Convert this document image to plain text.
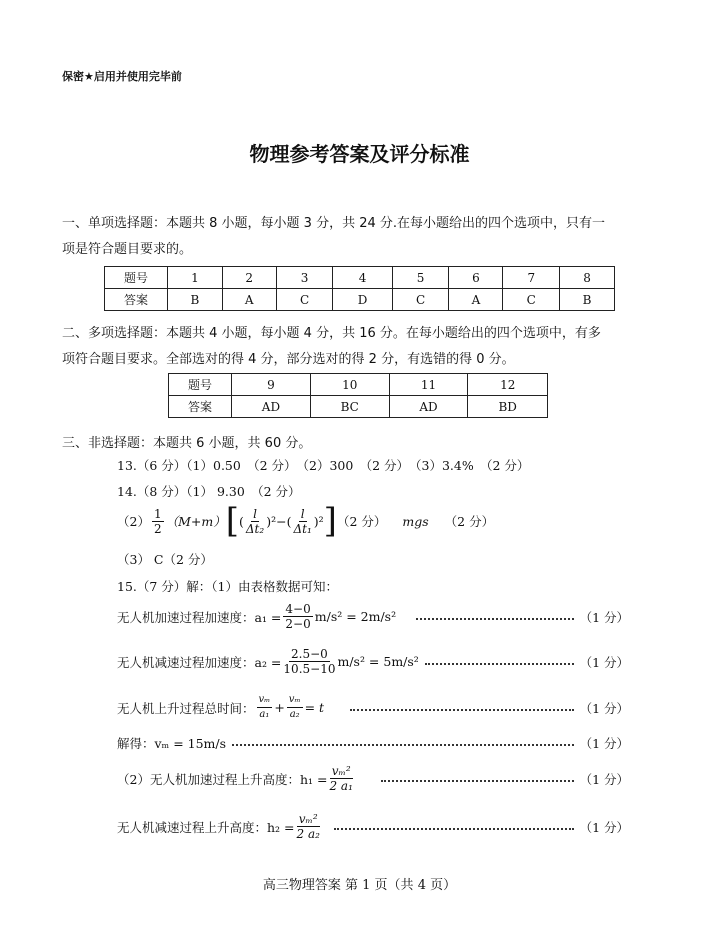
保密★启用并使用完毕前
物理参考答案及评分标准
一、单项选择题：本题共 8 小题，每小题 3 分，共 24 分.在每小题给出的四个选项中，只有一
项是符合题目要求的。
题号	1	2	3	4	5	6	7	8
答案	B	A	C	D	C	A	C	B
二、多项选择题：本题共 4 小题，每小题 4 分，共 16 分。在每小题给出的四个选项中，有多
项符合题目要求。全部选对的得 4 分，部分选对的得 2 分，有选错的得 0 分。
题号	9	10	11	12
答案	AD	BC	AD	BD
三、非选择题：本题共 6 小题，共 60 分。
13.（6 分）（1）0.50　（2 分）　（2）300　（2 分）　（3）3.4%　（2 分）
14.（8 分）（1） 9.30　（2 分）
$(2) \frac{1}{2} (M+m)$ [ ( $\frac{l}{\text{Δt₂}} )^2$ − ( $\frac{l}{\text{Δt₁}} )^2$ ] （2 分） mgs （2 分）
（3） C（2 分）
15.（7 分）解：（1）由表格数据可知：
无人机加速过程加速度：$a_1 = \frac{4-0}{2-0} m/s^2 = 2m/s^2$	（1 分）
无人机减速过程加速度：$a_2 = \frac{2.5-0}{10.5-10} m/s^2 = 5m/s^2$	（1 分）
无人机上升过程总时间： $\frac{\text{vₘ}}{\text{a₁}} + \frac{\text{vₘ}}{\text{a₂}} = t$	（1 分）
解得：vₘ = 15m/s	（1 分）
（2）无人机加速过程上升高度：$h_1 = \frac{\text{vₘ²}}{\text{2 a₁}}$	（1 分）
无人机减速过程上升高度：$h_2 = \frac{\text{vₘ²}}{\text{2 a₂}}$	（1 分）
高三物理答案 第 1 页（共 4 页）
